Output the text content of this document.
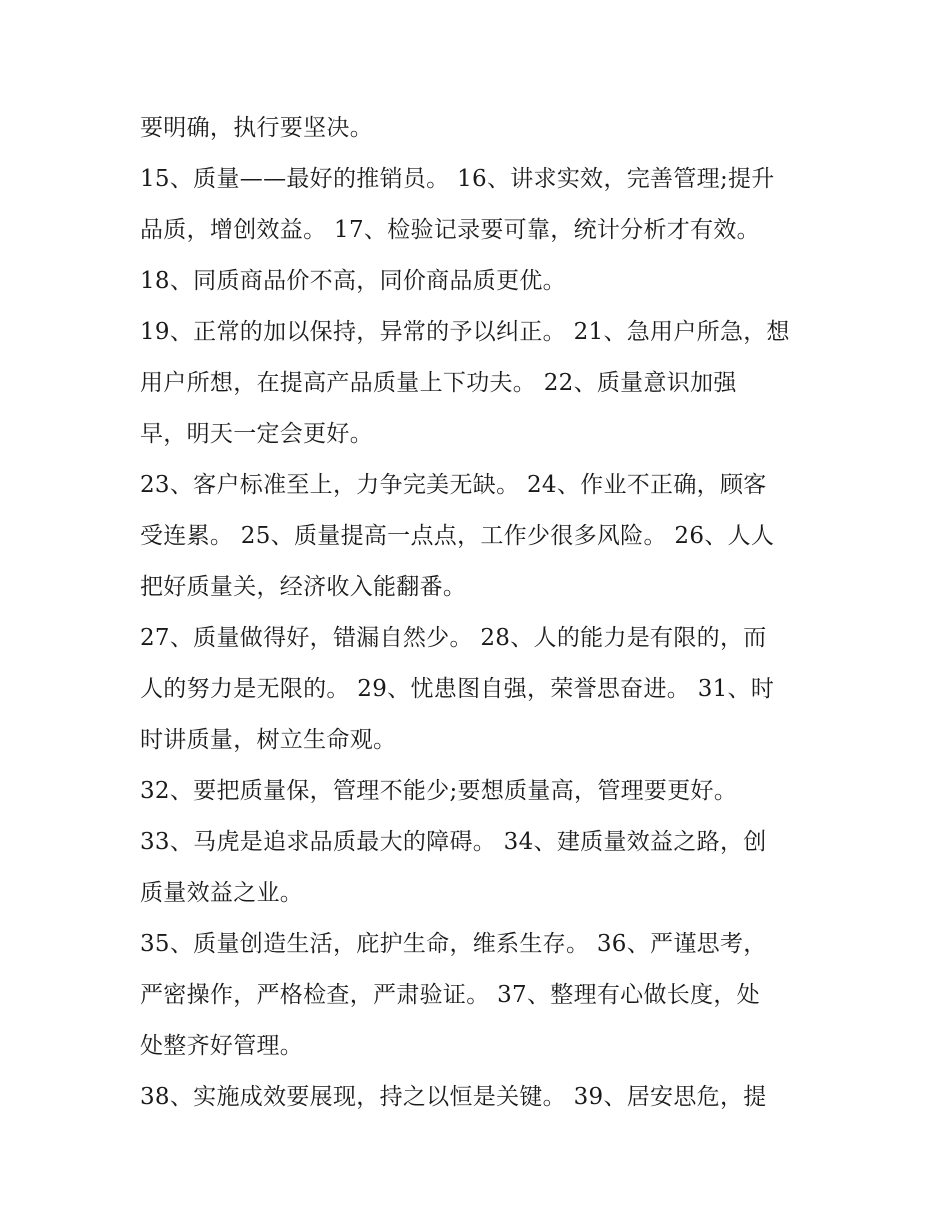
要明确，执行要坚决。
15、质量——最好的推销员。 16、讲求实效，完善管理;提升
品质，增创效益。 17、检验记录要可靠，统计分析才有效。
18、同质商品价不高，同价商品质更优。
19、正常的加以保持，异常的予以纠正。 21、急用户所急，想
用户所想，在提高产品质量上下功夫。 22、质量意识加强
早，明天一定会更好。
23、客户标准至上，力争完美无缺。 24、作业不正确，顾客
受连累。 25、质量提高一点点，工作少很多风险。 26、人人
把好质量关，经济收入能翻番。
27、质量做得好，错漏自然少。 28、人的能力是有限的，而
人的努力是无限的。 29、忧患图自强，荣誉思奋进。 31、时
时讲质量，树立生命观。
32、要把质量保，管理不能少;要想质量高，管理要更好。
33、马虎是追求品质最大的障碍。 34、建质量效益之路，创
质量效益之业。
35、质量创造生活，庇护生命，维系生存。 36、严谨思考，
严密操作，严格检查，严肃验证。 37、整理有心做长度，处
处整齐好管理。
38、实施成效要展现，持之以恒是关键。 39、居安思危，提
